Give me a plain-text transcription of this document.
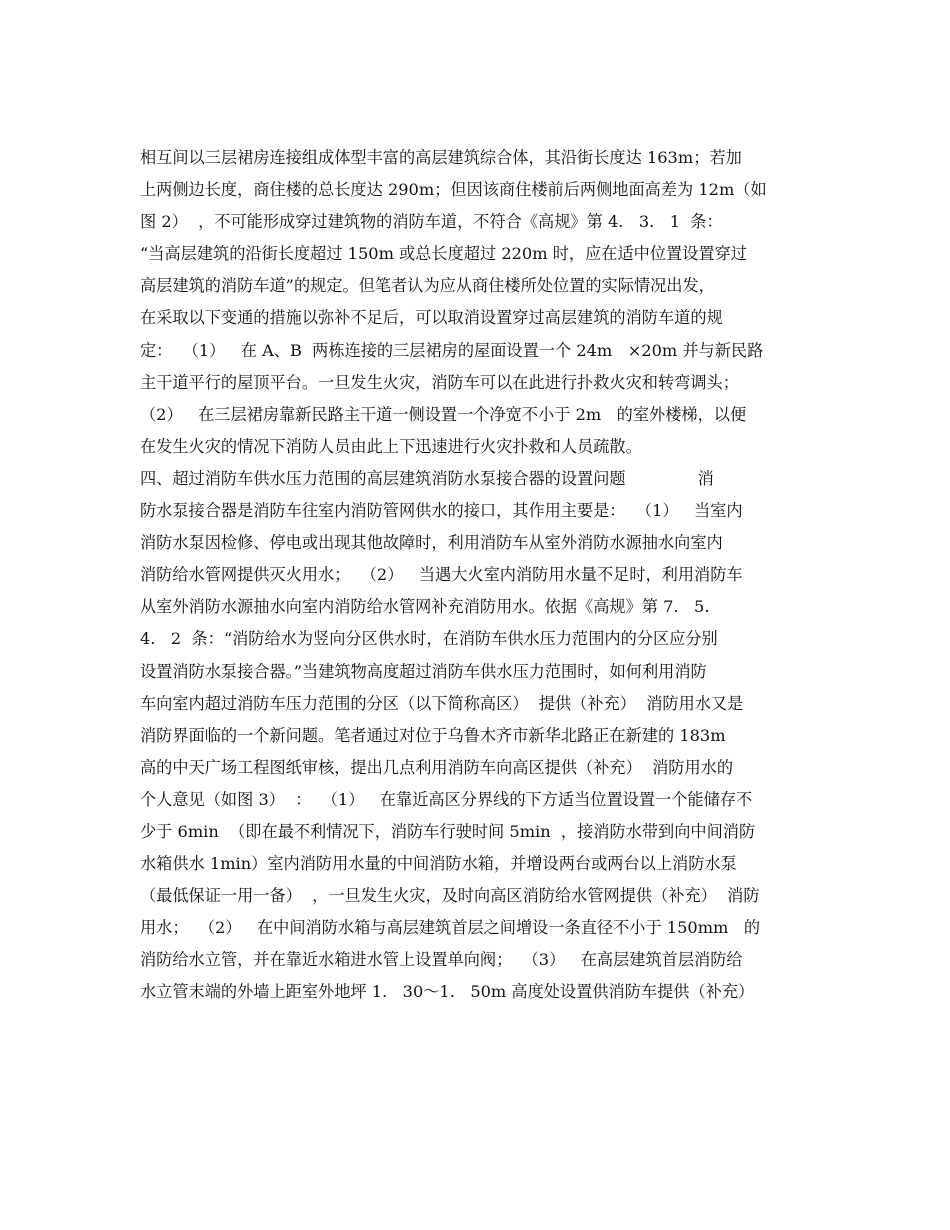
相互间以三层裙房连接组成体型丰富的高层建筑综合体，其沿街长度达 163m；若加
上两侧边长度，商住楼的总长度达 290m；但因该商住楼前后两侧地面高差为 12m（如
图 2）  ，不可能形成穿过建筑物的消防车道，不符合《高规》第 4.   3.   1  条：
“当高层建筑的沿街长度超过 150m 或总长度超过 220m 时，应在适中位置设置穿过
高层建筑的消防车道”的规定。但笔者认为应从商住楼所处位置的实际情况出发，
在采取以下变通的措施以弥补不足后，可以取消设置穿过高层建筑的消防车道的规
定：  （1）   在 A、B  两栋连接的三层裙房的屋面设置一个 24m   ×20m 并与新民路
主干道平行的屋顶平台。一旦发生火灾，消防车可以在此进行扑救火灾和转弯调头；
（2）   在三层裙房靠新民路主干道一侧设置一个净宽不小于 2m   的室外楼梯，以便
在发生火灾的情况下消防人员由此上下迅速进行火灾扑救和人员疏散。
四、超过消防车供水压力范围的高层建筑消防水泵接合器的设置问题              消
防水泵接合器是消防车往室内消防管网供水的接口，其作用主要是：  （1）   当室内
消防水泵因检修、停电或出现其他故障时，利用消防车从室外消防水源抽水向室内
消防给水管网提供灭火用水；  （2）   当遇大火室内消防用水量不足时，利用消防车
从室外消防水源抽水向室内消防给水管网补充消防用水。依据《高规》第 7.   5.
4.   2  条：“消防给水为竖向分区供水时，在消防车供水压力范围内的分区应分别
设置消防水泵接合器。”当建筑物高度超过消防车供水压力范围时，如何利用消防
车向室内超过消防车压力范围的分区（以下简称高区）  提供（补充）  消防用水又是
消防界面临的一个新问题。笔者通过对位于乌鲁木齐市新华北路正在新建的 183m
高的中天广场工程图纸审核，提出几点利用消防车向高区提供（补充）  消防用水的
个人意见（如图 3）  ：  （1）   在靠近高区分界线的下方适当位置设置一个能储存不
少于 6min  （即在最不利情况下，消防车行驶时间 5min  ，接消防水带到向中间消防
水箱供水 1min）室内消防用水量的中间消防水箱，并增设两台或两台以上消防水泵
（最低保证一用一备）  ，一旦发生火灾，及时向高区消防给水管网提供（补充）  消防
用水；  （2）   在中间消防水箱与高层建筑首层之间增设一条直径不小于 150mm   的
消防给水立管，并在靠近水箱进水管上设置单向阀；  （3）   在高层建筑首层消防给
水立管末端的外墙上距室外地坪 1.   30～1.   50m 高度处设置供消防车提供（补充）
